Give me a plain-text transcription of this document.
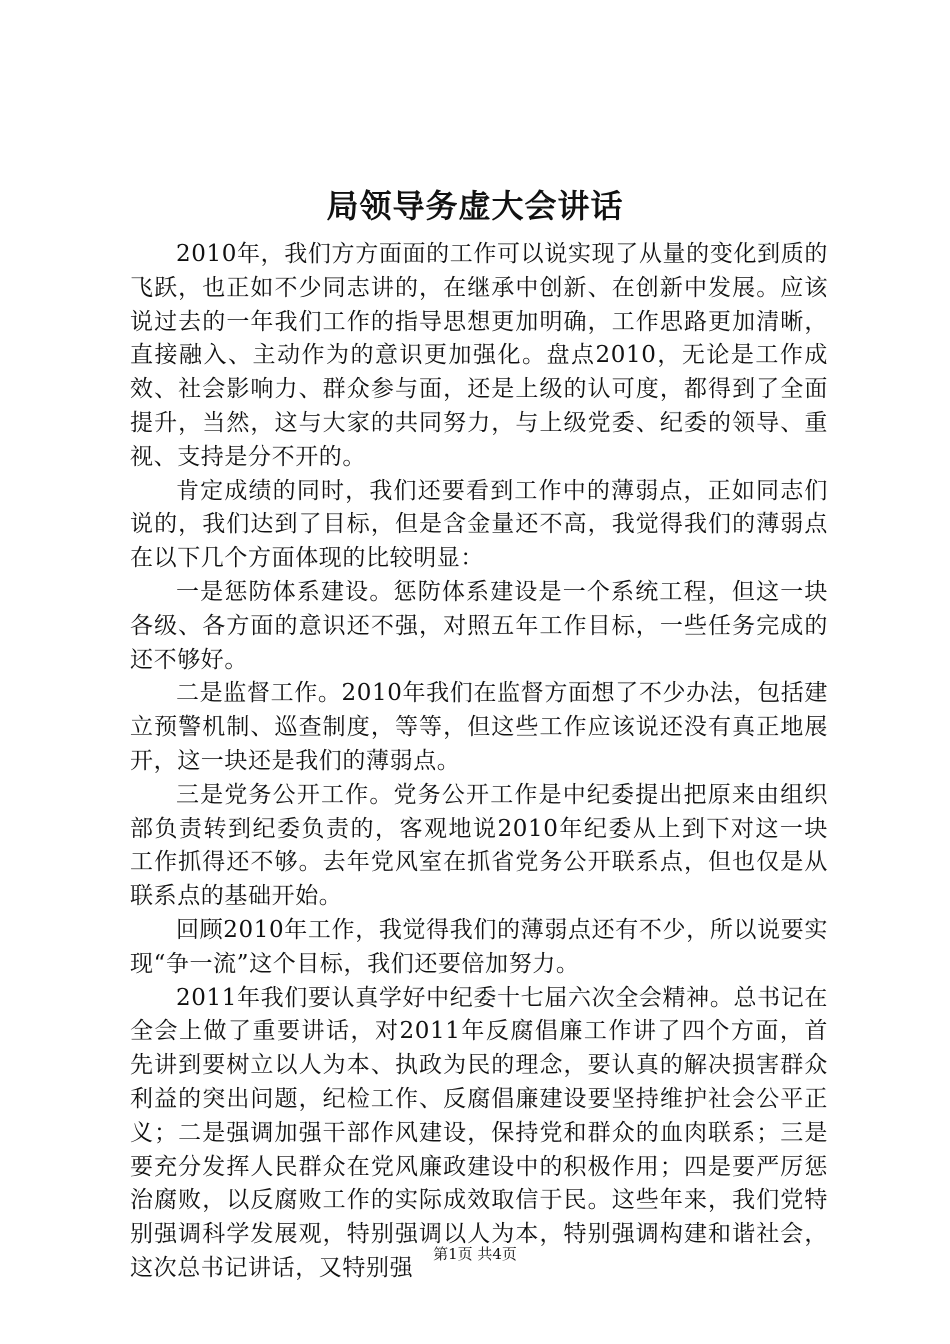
局领导务虚大会讲话

2010年，我们方方面面的工作可以说实现了从量的变化到质的飞跃，也正如不少同志讲的，在继承中创新、在创新中发展。应该说过去的一年我们工作的指导思想更加明确，工作思路更加清晰，直接融入、主动作为的意识更加强化。盘点2010，无论是工作成效、社会影响力、群众参与面，还是上级的认可度，都得到了全面提升，当然，这与大家的共同努力，与上级党委、纪委的领导、重视、支持是分不开的。

肯定成绩的同时，我们还要看到工作中的薄弱点，正如同志们说的，我们达到了目标，但是含金量还不高，我觉得我们的薄弱点在以下几个方面体现的比较明显：

一是惩防体系建设。惩防体系建设是一个系统工程，但这一块各级、各方面的意识还不强，对照五年工作目标，一些任务完成的还不够好。

二是监督工作。2010年我们在监督方面想了不少办法，包括建立预警机制、巡查制度，等等，但这些工作应该说还没有真正地展开，这一块还是我们的薄弱点。

三是党务公开工作。党务公开工作是中纪委提出把原来由组织部负责转到纪委负责的，客观地说2010年纪委从上到下对这一块工作抓得还不够。去年党风室在抓省党务公开联系点，但也仅是从联系点的基础开始。

回顾2010年工作，我觉得我们的薄弱点还有不少，所以说要实现“争一流”这个目标，我们还要倍加努力。

2011年我们要认真学好中纪委十七届六次全会精神。总书记在全会上做了重要讲话，对2011年反腐倡廉工作讲了四个方面，首先讲到要树立以人为本、执政为民的理念，要认真的解决损害群众利益的突出问题，纪检工作、反腐倡廉建设要坚持维护社会公平正义；二是强调加强干部作风建设，保持党和群众的血肉联系；三是要充分发挥人民群众在党风廉政建设中的积极作用；四是要严厉惩治腐败，以反腐败工作的实际成效取信于民。这些年来，我们党特别强调科学发展观，特别强调以人为本，特别强调构建和谐社会，这次总书记讲话，又特别强

第1页 共4页
